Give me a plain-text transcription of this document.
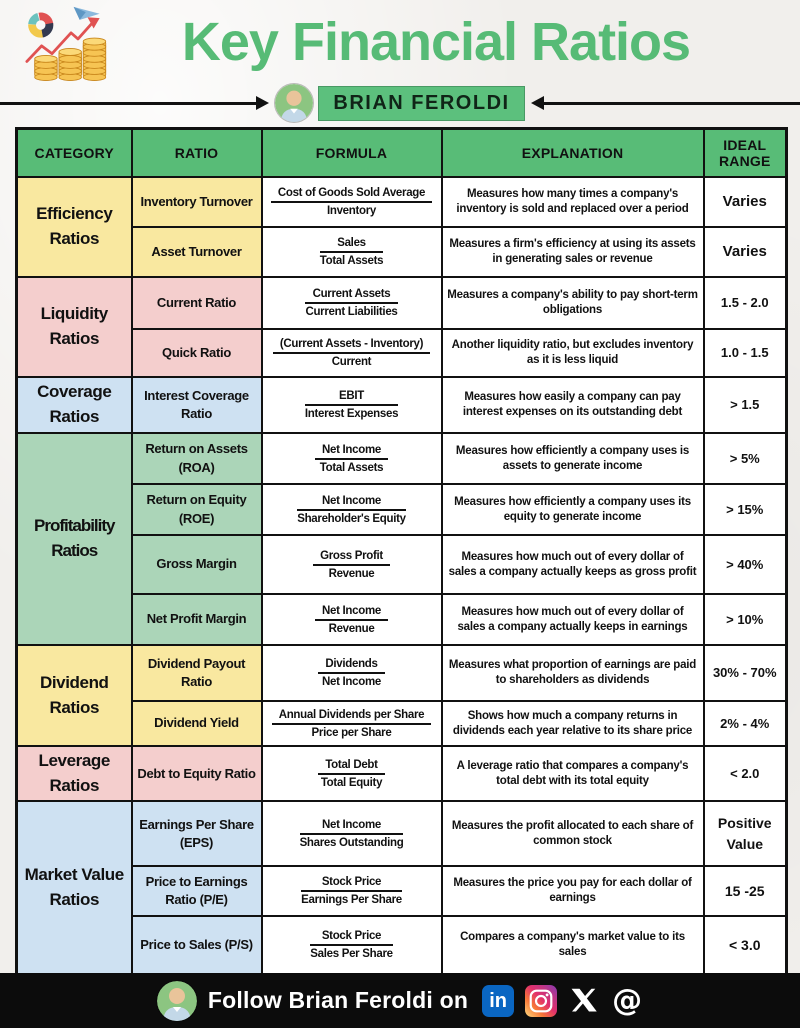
Key Financial Ratios
BRIAN FEROLDI
CATEGORY	RATIO	FORMULA	EXPLANATION	IDEAL RANGE
Efficiency Ratios	Inventory Turnover	$\frac{\text{Cost of Goods Sold Average}}{\text{Inventory}}$	Measures how many times a company's inventory is sold and replaced over a period	Varies
	Asset Turnover	$\frac{\text{Sales}}{\text{Total Assets}}$	Measures a firm's efficiency at using its assets in generating sales or revenue	Varies
Liquidity Ratios	Current Ratio	$\frac{\text{Current Assets}}{\text{Current Liabilities}}$	Measures a company's ability to pay short-term obligations	1.5 - 2.0
	Quick Ratio	$\frac{\text{(Current Assets - Inventory)}}{\text{Current}}$	Another liquidity ratio, but excludes inventory as it is less liquid	1.0 - 1.5
Coverage Ratios	Interest Coverage Ratio	$\frac{\text{EBIT}}{\text{Interest Expenses}}$	Measures how easily a company can pay interest expenses on its outstanding debt	> 1.5
Profitability Ratios	Return on Assets (ROA)	$\frac{\text{Net Income}}{\text{Total Assets}}$	Measures how efficiently a company uses is assets to generate income	> 5%
	Return on Equity (ROE)	$\frac{\text{Net Income}}{\text{Shareholder's Equity}}$	Measures how efficiently a company uses its equity to generate income	> 15%
	Gross Margin	$\frac{\text{Gross Profit}}{\text{Revenue}}$	Measures how much out of every dollar of sales a company actually keeps as gross profit	> 40%
	Net Profit Margin	$\frac{\text{Net Income}}{\text{Revenue}}$	Measures how much out of every dollar of sales a company actually keeps in earnings	> 10%
Dividend Ratios	Dividend Payout Ratio	$\frac{\text{Dividends}}{\text{Net Income}}$	Measures what proportion of earnings are paid to shareholders as dividends	30% - 70%
	Dividend Yield	$\frac{\text{Annual Dividends per Share}}{\text{Price per Share}}$	Shows how much a company returns in dividends each year relative to its share price	2% - 4%
Leverage Ratios	Debt to Equity Ratio	$\frac{\text{Total Debt}}{\text{Total Equity}}$	A leverage ratio that compares a company's total debt with its total equity	< 2.0
Market Value Ratios	Earnings Per Share (EPS)	$\frac{\text{Net Income}}{\text{Shares Outstanding}}$	Measures the profit allocated to each share of common stock	Positive Value
	Price to Earnings Ratio (P/E)	$\frac{\text{Stock Price}}{\text{Earnings Per Share}}$	Measures the price you pay for each dollar of earnings	15 -25
	Price to Sales (P/S)	$\frac{\text{Stock Price}}{\text{Sales Per Share}}$	Compares a company's market value to its sales	< 3.0
Follow Brian Feroldi on in	@
